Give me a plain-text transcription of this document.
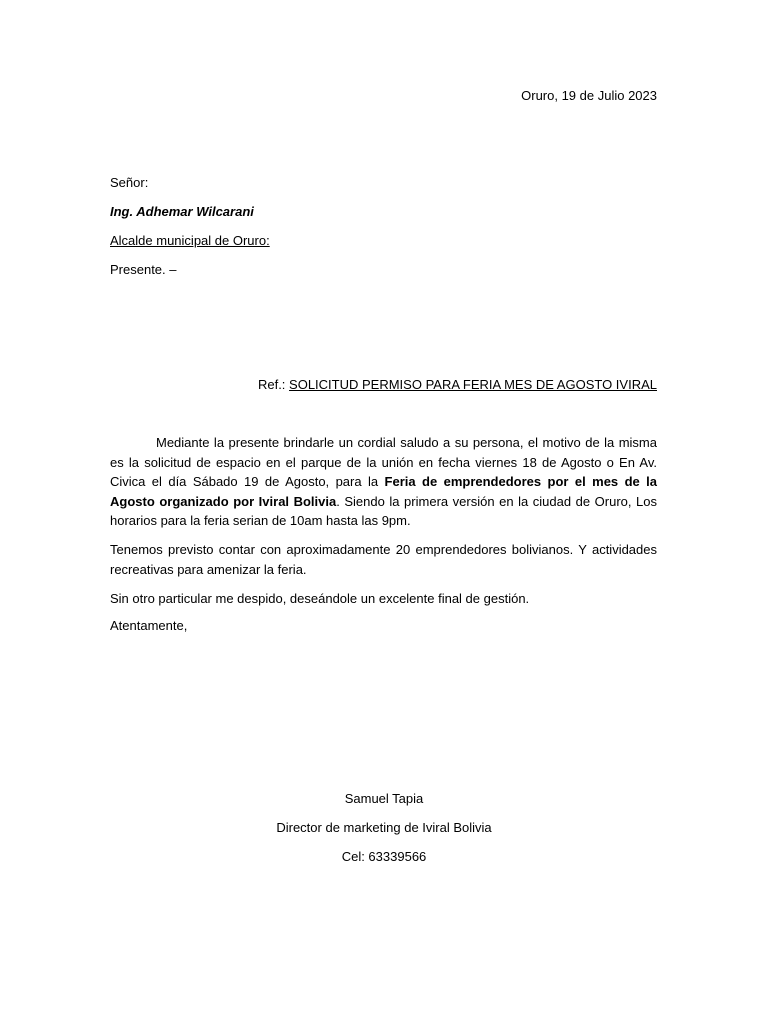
Oruro, 19 de Julio 2023
Señor:
Ing. Adhemar Wilcarani
Alcalde municipal de Oruro:
Presente. –
Ref.: SOLICITUD PERMISO PARA FERIA MES DE AGOSTO IVIRAL
Mediante la presente brindarle un cordial saludo a su persona, el motivo de la misma es la solicitud de espacio en el parque de la unión en fecha viernes 18 de Agosto o En Av. Civica el día Sábado 19 de Agosto, para la Feria de emprendedores por el mes de la Agosto organizado por Iviral Bolivia. Siendo la primera versión en la ciudad de Oruro, Los horarios para la feria serian de 10am hasta las 9pm.
Tenemos previsto contar con aproximadamente 20 emprendedores bolivianos. Y actividades recreativas para amenizar la feria.
Sin otro particular me despido, deseándole un excelente final de gestión.
Atentamente,
Samuel Tapia
Director de marketing de Iviral Bolivia
Cel: 63339566
